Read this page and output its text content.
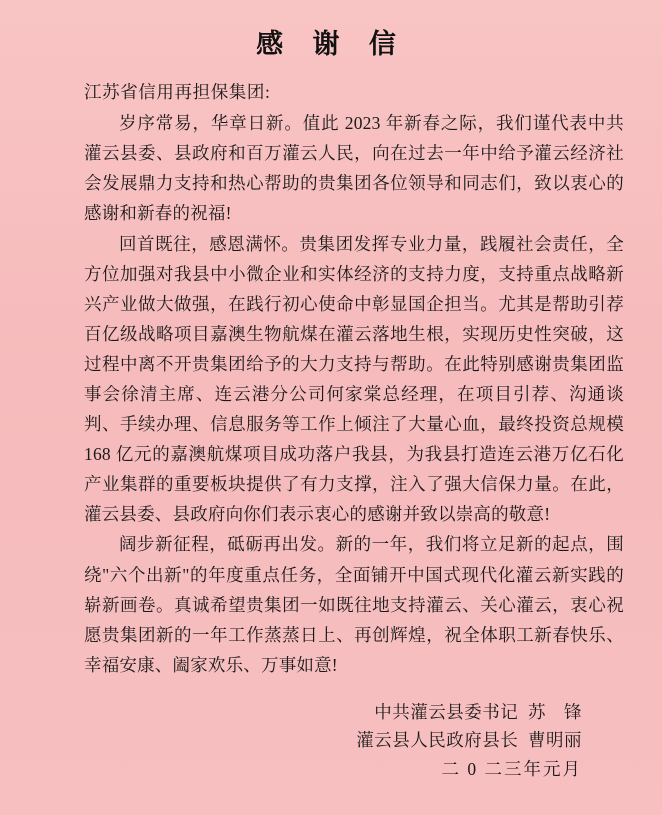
感 谢 信
江苏省信用再担保集团:

岁序常易，华章日新。值此 2023 年新春之际，我们谨代表中共灌云县委、县政府和百万灌云人民，向在过去一年中给予灌云经济社会发展鼎力支持和热心帮助的贵集团各位领导和同志们，致以衷心的感谢和新春的祝福!

回首既往，感恩满怀。贵集团发挥专业力量，践履社会责任，全方位加强对我县中小微企业和实体经济的支持力度，支持重点战略新兴产业做大做强，在践行初心使命中彰显国企担当。尤其是帮助引荐百亿级战略项目嘉澳生物航煤在灌云落地生根，实现历史性突破，这过程中离不开贵集团给予的大力支持与帮助。在此特别感谢贵集团监事会徐清主席、连云港分公司何家棠总经理，在项目引荐、沟通谈判、手续办理、信息服务等工作上倾注了大量心血，最终投资总规模 168 亿元的嘉澳航煤项目成功落户我县，为我县打造连云港万亿石化产业集群的重要板块提供了有力支撑，注入了强大信保力量。在此，灌云县委、县政府向你们表示衷心的感谢并致以崇高的敬意!

阔步新征程，砥砺再出发。新的一年，我们将立足新的起点，围绕"六个出新"的年度重点任务，全面铺开中国式现代化灌云新实践的崭新画卷。真诚希望贵集团一如既往地支持灌云、关心灌云，衷心祝愿贵集团新的一年工作蒸蒸日上、再创辉煌，祝全体职工新春快乐、幸福安康、阖家欢乐、万事如意!

中共灌云县委书记  苏　锋
灌云县人民政府县长  曹明丽
二 0 二三年元月
